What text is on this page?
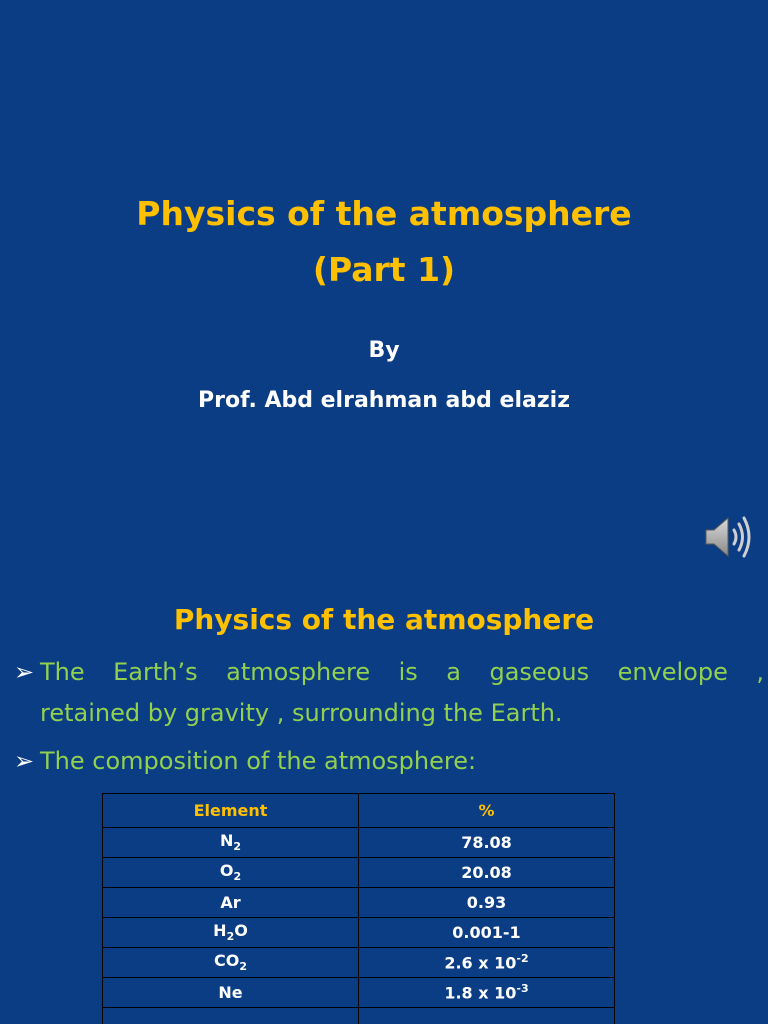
Physics of the atmosphere
(Part 1)
By
Prof. Abd elrahman abd elaziz
Physics of the atmosphere
➢ The Earth’s atmosphere is a gaseous envelope ,
retained by gravity , surrounding the Earth.
➢ The composition of the atmosphere:
Element	%
$N_2$	78.08
$O_2$	20.08
Ar	0.93
$H_2O$	0.001-1
$CO_2$	2.6 x $10^{-2}$
Ne	1.8 x $10^{-3}$
